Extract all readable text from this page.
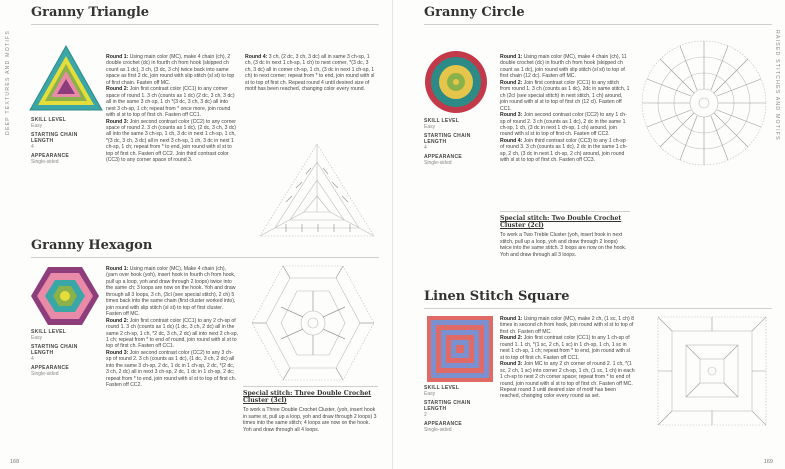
DEEP TEXTURES AND MOTIFS
Granny Triangle
SKILL LEVEL
Easy
STARTING CHAIN LENGTH
4
APPEARANCE
Single-sided

Round 1: Using main color (MC), make 4 chain (ch), 2 double crochet (dc) in fourth ch from hook (skipped ch count as 1 dc), 3 ch, (3 dc, 3 ch) twice back into same space as first 2 dc, join round with slip stitch (sl st) to top of first chain. Fasten off MC.

Round 2: Join first contrast color (CC1) to any corner space of round 1. 3 ch (counts as 1 dc) (2 dc, 3 ch, 3 dc) all in the same 3 ch-sp, 1 ch *(3 dc, 3 ch, 3 dc) all into next 3 ch-sp, 1 ch; repeat from * once more, join round with sl st to top of first ch. Fasten off CC1.

Round 3: Join second contrast color (CC2) to any corner space of round 2. 3 ch (counts as 1 dc), (2 dc, 3 ch, 3 dc) all into the same 3 ch-sp, 1 ch, 3 dc in next 1 ch-sp, 1 ch, *(3 dc, 3 ch, 3 dc) all in next 3 ch-sp, 1 ch, 3 dc in next 1 ch-sp, 1 ch; repeat from * to end, join round with sl st to top of first ch. Fasten off CC2. Join third contrast color (CC3) to any corner space of round 3.

Round 4: 3 ch, (2 dc, 3 ch, 3 dc) all in same 3 ch-sp, 1 ch, (3 dc in next 1 ch-sp, 1 ch) to next corner, *(3 dc, 3 ch, 3 dc) all in corner ch-sp, 1 ch, (3 dc in next 1 ch-sp, 1 ch) to next corner; repeat from * to end, join round with sl st to top of first ch. Repeat round 4 until desired size of motif has been reached, changing color every round.

Granny Hexagon
SKILL LEVEL
Easy
STARTING CHAIN LENGTH
4
APPEARANCE
Single-sided

Round 1: Using main color (MC), Make 4 chain (ch), (yarn over hook (yoh), insert hook in fourth ch from hook, pull up a loop, yoh and draw through 2 loops) twice into the same ch; 3 loops are now on the hook. Yoh and draw through all 3 loops, 3 ch, (3cl (see special stitch), 2 ch) 5 times back into the same chain (first cluster worked into), join round with slip stitch (sl st) to top of first cluster. Fasten off MC.

Round 2: Join first contrast color (CC1) to any 2 ch-sp of round 1. 3 ch (counts as 1 dc) (1 dc, 3 ch, 2 dc) all in the same 2 ch-sp, 1 ch, *2 dc, 3 ch, 2 dc) all into next 2 ch-sp, 1 ch; repeat from * to end of round, join round with sl st to top of first ch. Fasten off CC1.

Round 3: Join second contrast color (CC2) to any 3 ch-sp of round 2. 3 ch (counts as 1 dc), (1 dc, 3 ch, 2 dc) all into the same 3 ch-sp, 2 dc, 1 dc in 1 ch-sp, 2 dc, *(2 dc, 3 ch, 2 dc) all in next 3 ch-sp, 2 dc, 1 dc in 1 ch-sp, 2 dc; repeat from * to end, join round with sl st to top of first ch. Fasten off CC2.

Special stitch: Three Double Crochet Cluster (3cl)
To work a Three Double Crochet Cluster, (yoh, insert hook in same st, pull up a loop, yoh and draw through 2 loops) 3 times into the same stitch; 4 loops are now on the hook. Yoh and draw through all 4 loops.
168
RAISED STITCHES AND MOTIFS
Granny Circle
SKILL LEVEL
Easy
STARTING CHAIN LENGTH
4
APPEARANCE
Single-sided

Round 1: Using main color (MC), make 4 chain (ch), 11 double crochet (dc) in fourth ch from hook (skipped ch count as 1 dc), join round with slip stitch (sl st) to top of first chain (12 dc). Fasten off MC.

Round 2: Join first contrast color (CC1) to any stitch from round 1. 3 ch (counts as 1 dc), 2dc in same stitch, 1 ch (2cl (see special stitch) in next stitch, 1 ch) around, join round with sl st to top of first ch (12 cl). Fasten off CC1.

Round 3: Join second contrast color (CC2) to any 1 ch-sp of round 2. 3 ch (counts as 1 dc), 2 dc in the same 1 ch-sp, 1 ch, (3 dc in next 1 ch-sp, 1 ch) around, join round with sl st to top of first ch. Fasten off CC2.

Round 4: Join third contrast color (CC3) to any 1 ch-sp of round 3. 3 ch (counts as 1 dc), 2 dc in the same 1 ch-sp, 2 ch, (3 dc in next 1 ch-sp, 2 ch) around, join round with sl st to top of first ch. Fasten off CC3.

Special stitch: Two Double Crochet Cluster (2cl)
To work a Two Treble Cluster (yoh, insert hook in next stitch, pull up a loop, yoh and draw through 2 loops) twice into the same stitch. 3 loops are now on the hook. Yoh and draw through all 3 loops.
Linen Stitch Square
SKILL LEVEL
Easy
STARTING CHAIN LENGTH
2
APPEARANCE
Single-sided

Round 1: Using main color (MC), make 2 ch, (1 sc, 1 ch) 8 times in second ch from hook, join round with sl st to top of first ch. Fasten off MC.

Round 2: Join first contrast color (CC1) to any 1 ch-sp of round 1. 1 ch, *(1 sc, 2 ch, 1 sc) in 1 ch-sp, 1 ch, 1 sc in next 1 ch-sp, 1 ch; repeat from * to end, join round with sl st to top of first ch. Fasten off CC1.

Round 3: Join MC to any 2 ch corner of round 2. 1 ch, *(1 sc, 2 ch, 1 sc) into corner 2 ch-sp, 1 ch, (1 sc, 1 ch) in each 1 ch-sp to next 2 ch corner space; repeat from * to end of round, join round with sl st to top of first ch. Fasten off MC. Repeat round 3 until desired size of motif has been reached, changing color every round as set.

169
